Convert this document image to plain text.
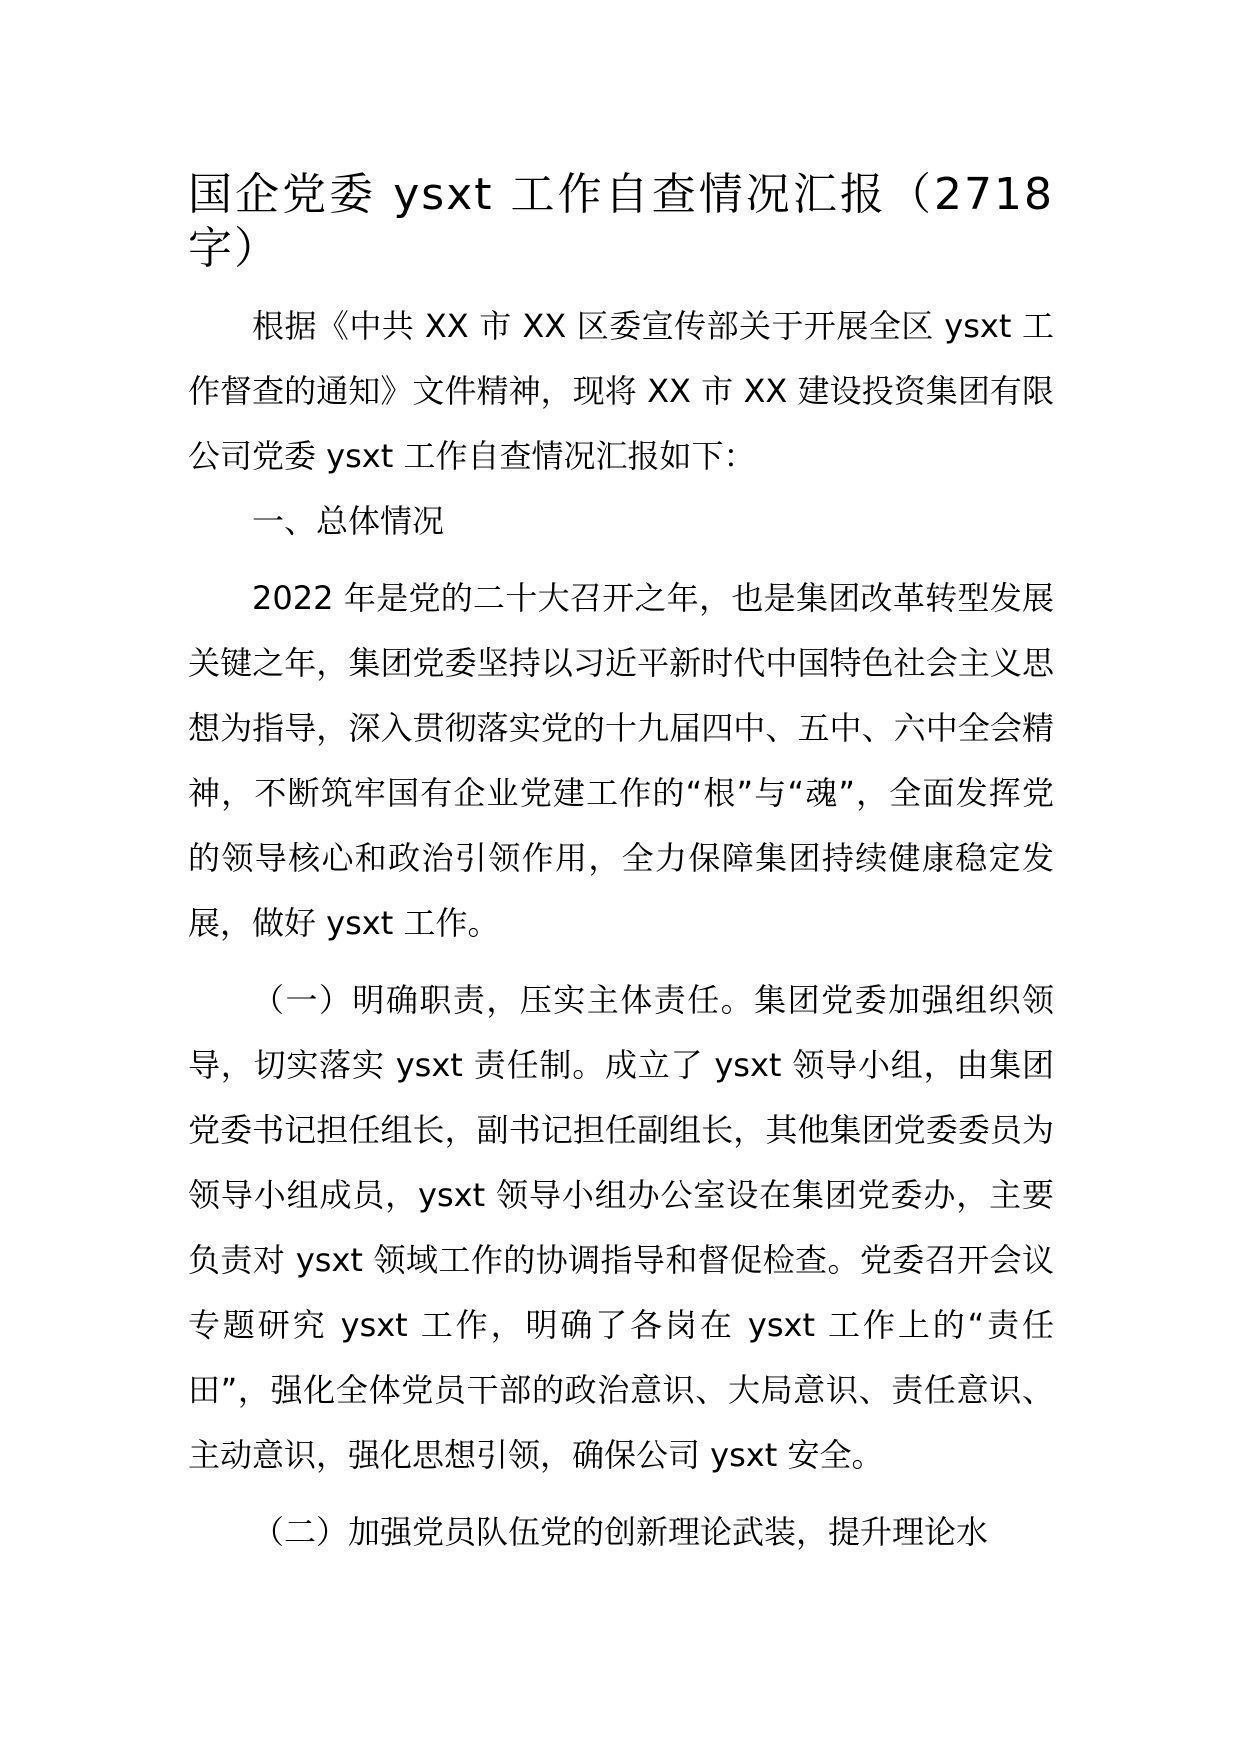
国企党委 ysxt 工作自查情况汇报（2718 字）

根据《中共 XX 市 XX 区委宣传部关于开展全区 ysxt 工作督查的通知》文件精神，现将 XX 市 XX 建设投资集团有限公司党委 ysxt 工作自查情况汇报如下：

一、总体情况

2022 年是党的二十大召开之年，也是集团改革转型发展关键之年，集团党委坚持以习近平新时代中国特色社会主义思想为指导，深入贯彻落实党的十九届四中、五中、六中全会精神，不断筑牢国有企业党建工作的“根”与“魂”，全面发挥党的领导核心和政治引领作用，全力保障集团持续健康稳定发展，做好 ysxt 工作。

（一）明确职责，压实主体责任。集团党委加强组织领导，切实落实 ysxt 责任制。成立了 ysxt 领导小组，由集团党委书记担任组长，副书记担任副组长，其他集团党委委员为领导小组成员，ysxt 领导小组办公室设在集团党委办，主要负责对 ysxt 领域工作的协调指导和督促检查。党委召开会议专题研究 ysxt 工作，明确了各岗在 ysxt 工作上的“责任田”，强化全体党员干部的政治意识、大局意识、责任意识、主动意识，强化思想引领，确保公司 ysxt 安全。

（二）加强党员队伍党的创新理论武装，提升理论水
